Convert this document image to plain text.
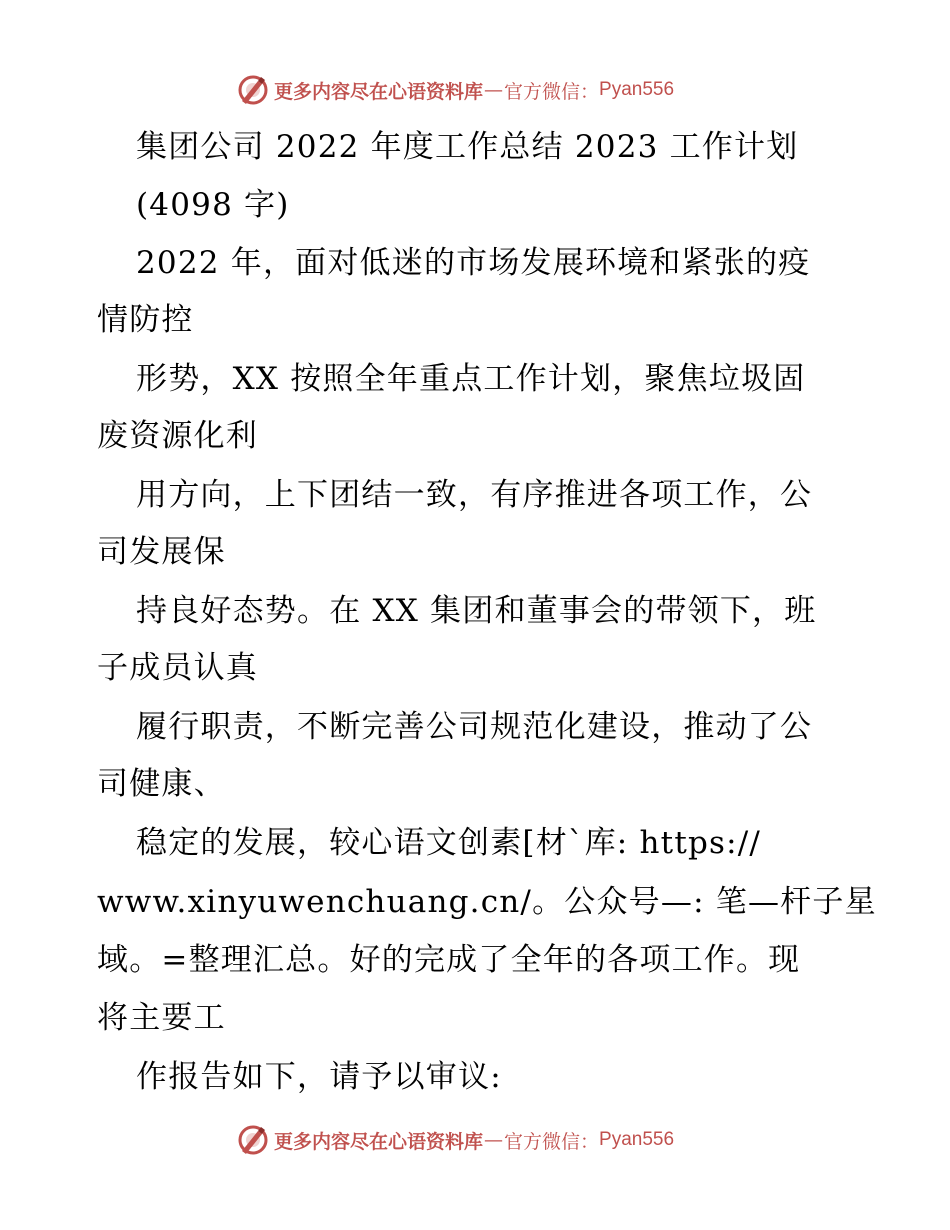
更多内容尽在心语资料库 — 官方微信： Pyan556
集团公司 2022 年度工作总结 2023 工作计划
(4098 字)
2022 年，面对低迷的市场发展环境和紧张的疫
情防控
形势，XX 按照全年重点工作计划，聚焦垃圾固
废资源化利
用方向，上下团结一致，有序推进各项工作，公
司发展保
持良好态势。在 XX 集团和董事会的带领下，班
子成员认真
履行职责，不断完善公司规范化建设，推动了公
司健康、
稳定的发展，较心语文创素[材`库: https://
www.xinyuwenchuang.cn/。公众号—: 笔—杆子星
域。=整理汇总。好的完成了全年的各项工作。现
将主要工
作报告如下，请予以审议:
更多内容尽在心语资料库 — 官方微信： Pyan556
